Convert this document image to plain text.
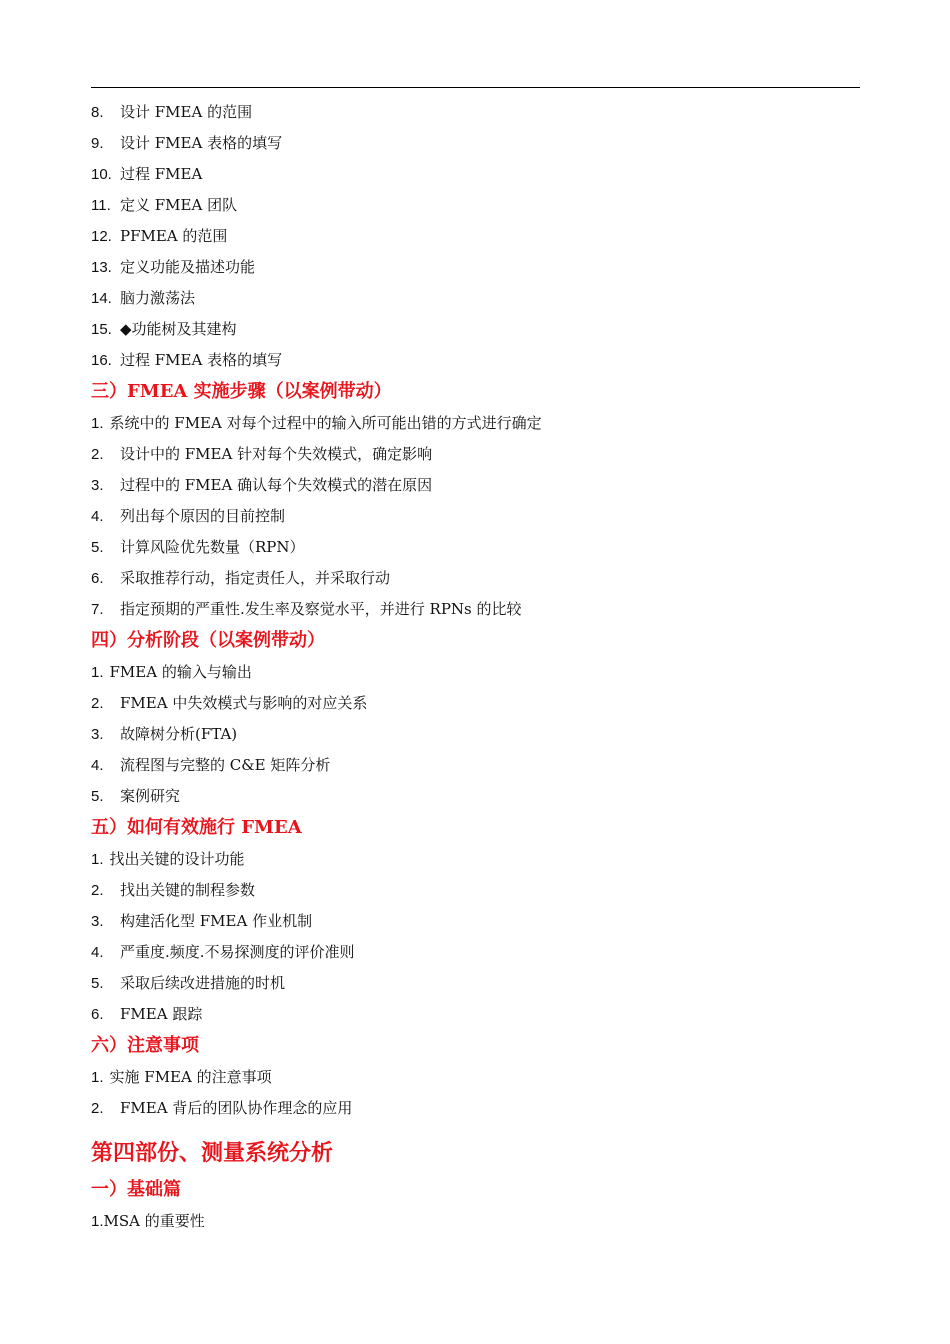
8. 设计 FMEA 的范围
9. 设计 FMEA 表格的填写
10. 过程 FMEA
11. 定义 FMEA 团队
12. PFMEA 的范围
13. 定义功能及描述功能
14. 脑力激荡法
15. ◆功能树及其建构
16. 过程 FMEA 表格的填写
三）FMEA 实施步骤（以案例带动）
1. 系统中的 FMEA 对每个过程中的输入所可能出错的方式进行确定
2. 设计中的 FMEA 针对每个失效模式，确定影响
3. 过程中的 FMEA 确认每个失效模式的潜在原因
4. 列出每个原因的目前控制
5. 计算风险优先数量（RPN）
6. 采取推荐行动，指定责任人，并采取行动
7. 指定预期的严重性.发生率及察觉水平，并进行 RPNs 的比较
四）分析阶段（以案例带动）
1. FMEA 的输入与输出
2. FMEA 中失效模式与影响的对应关系
3. 故障树分析(FTA)
4. 流程图与完整的 C&E 矩阵分析
5. 案例研究
五）如何有效施行 FMEA
1. 找出关键的设计功能
2. 找出关键的制程参数
3. 构建活化型 FMEA 作业机制
4. 严重度.频度.不易探测度的评价准则
5. 采取后续改进措施的时机
6. FMEA 跟踪
六）注意事项
1. 实施 FMEA 的注意事项
2. FMEA 背后的团队协作理念的应用
第四部份、测量系统分析
一）基础篇
1.MSA 的重要性
